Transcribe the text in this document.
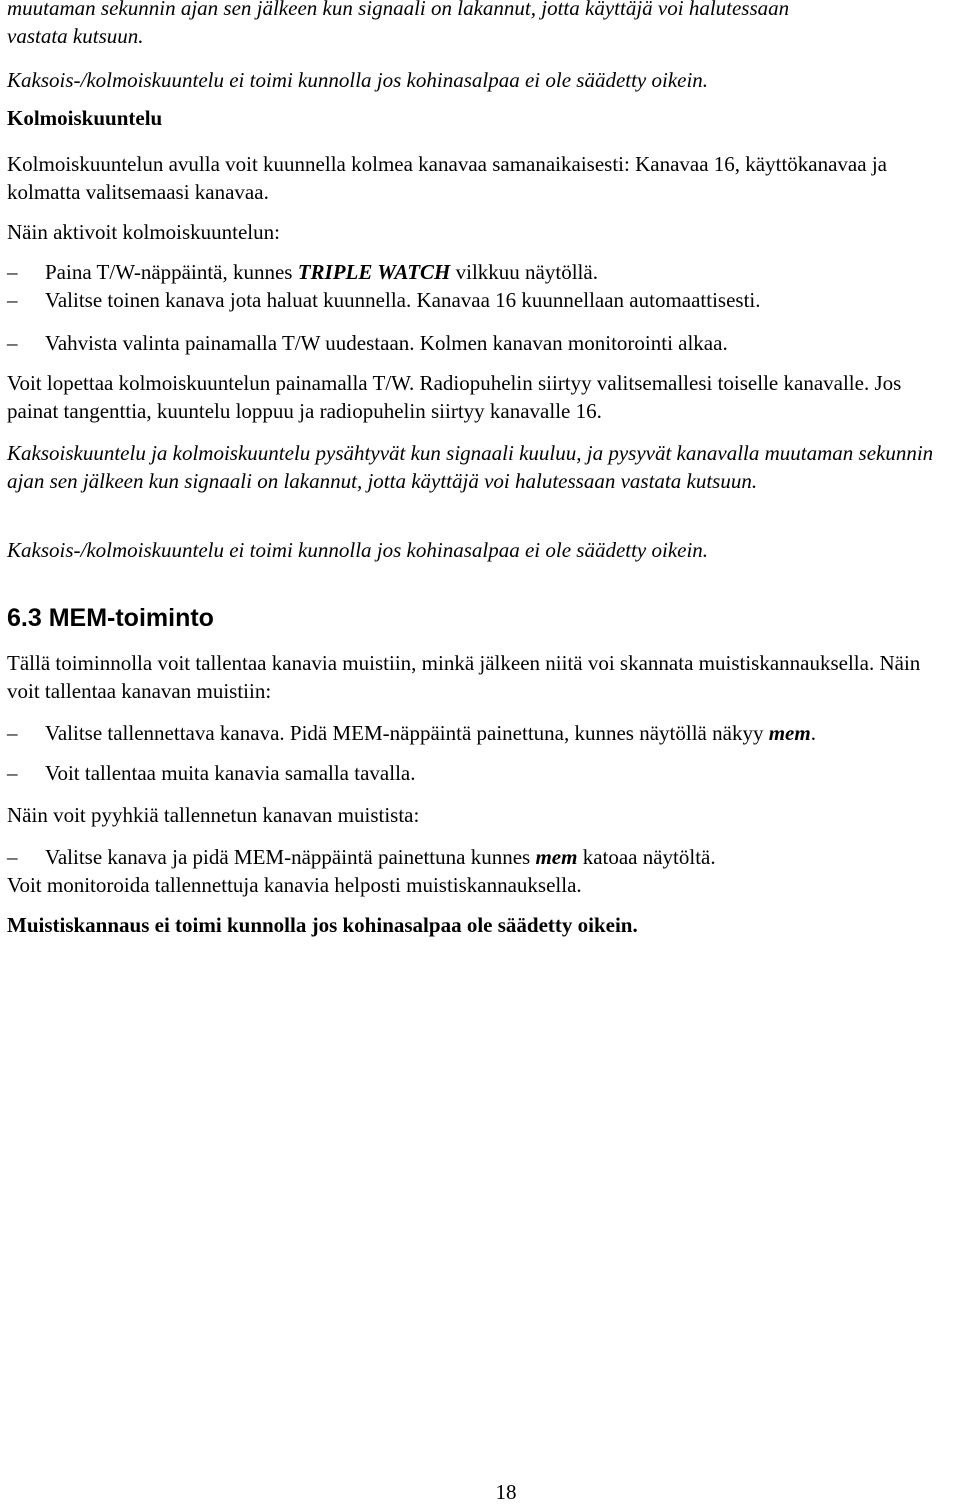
muutaman sekunnin ajan sen jälkeen kun signaali on lakannut, jotta käyttäjä voi halutessaan
vastata kutsuun.

Kaksois-/kolmoiskuuntelu ei toimi kunnolla jos kohinasalpaa ei ole säädetty oikein.

Kolmoiskuuntelu

Kolmoiskuuntelun avulla voit kuunnella kolmea kanavaa samanaikaisesti: Kanavaa 16, käyttökanavaa ja kolmatta valitsemaasi kanavaa.

Näin aktivoit kolmoiskuuntelun:

–	Paina T/W-näppäintä, kunnes TRIPLE WATCH vilkkuu näytöllä.
–	Valitse toinen kanava jota haluat kuunnella. Kanavaa 16 kuunnellaan automaattisesti.
–	Vahvista valinta painamalla T/W uudestaan. Kolmen kanavan monitorointi alkaa.

Voit lopettaa kolmoiskuuntelun painamalla T/W. Radiopuhelin siirtyy valitsemallesi toiselle kanavalle. Jos painat tangenttia, kuuntelu loppuu ja radiopuhelin siirtyy kanavalle 16.

Kaksoiskuuntelu ja kolmoiskuuntelu pysähtyvät kun signaali kuuluu, ja pysyvät kanavalla muutaman sekunnin ajan sen jälkeen kun signaali on lakannut, jotta käyttäjä voi halutessaan vastata kutsuun.

Kaksois-/kolmoiskuuntelu ei toimi kunnolla jos kohinasalpaa ei ole säädetty oikein.

6.3 MEM-toiminto

Tällä toiminnolla voit tallentaa kanavia muistiin, minkä jälkeen niitä voi skannata muistiskannauksella. Näin voit tallentaa kanavan muistiin:

–	Valitse tallennettava kanava. Pidä MEM-näppäintä painettuna, kunnes näytöllä näkyy mem.
–	Voit tallentaa muita kanavia samalla tavalla.

Näin voit pyyhkiä tallennetun kanavan muistista:

–	Valitse kanava ja pidä MEM-näppäintä painettuna kunnes mem katoaa näytöltä.

Voit monitoroida tallennettuja kanavia helposti muistiskannauksella.

Muistiskannaus ei toimi kunnolla jos kohinasalpaa ole säädetty oikein.

18
